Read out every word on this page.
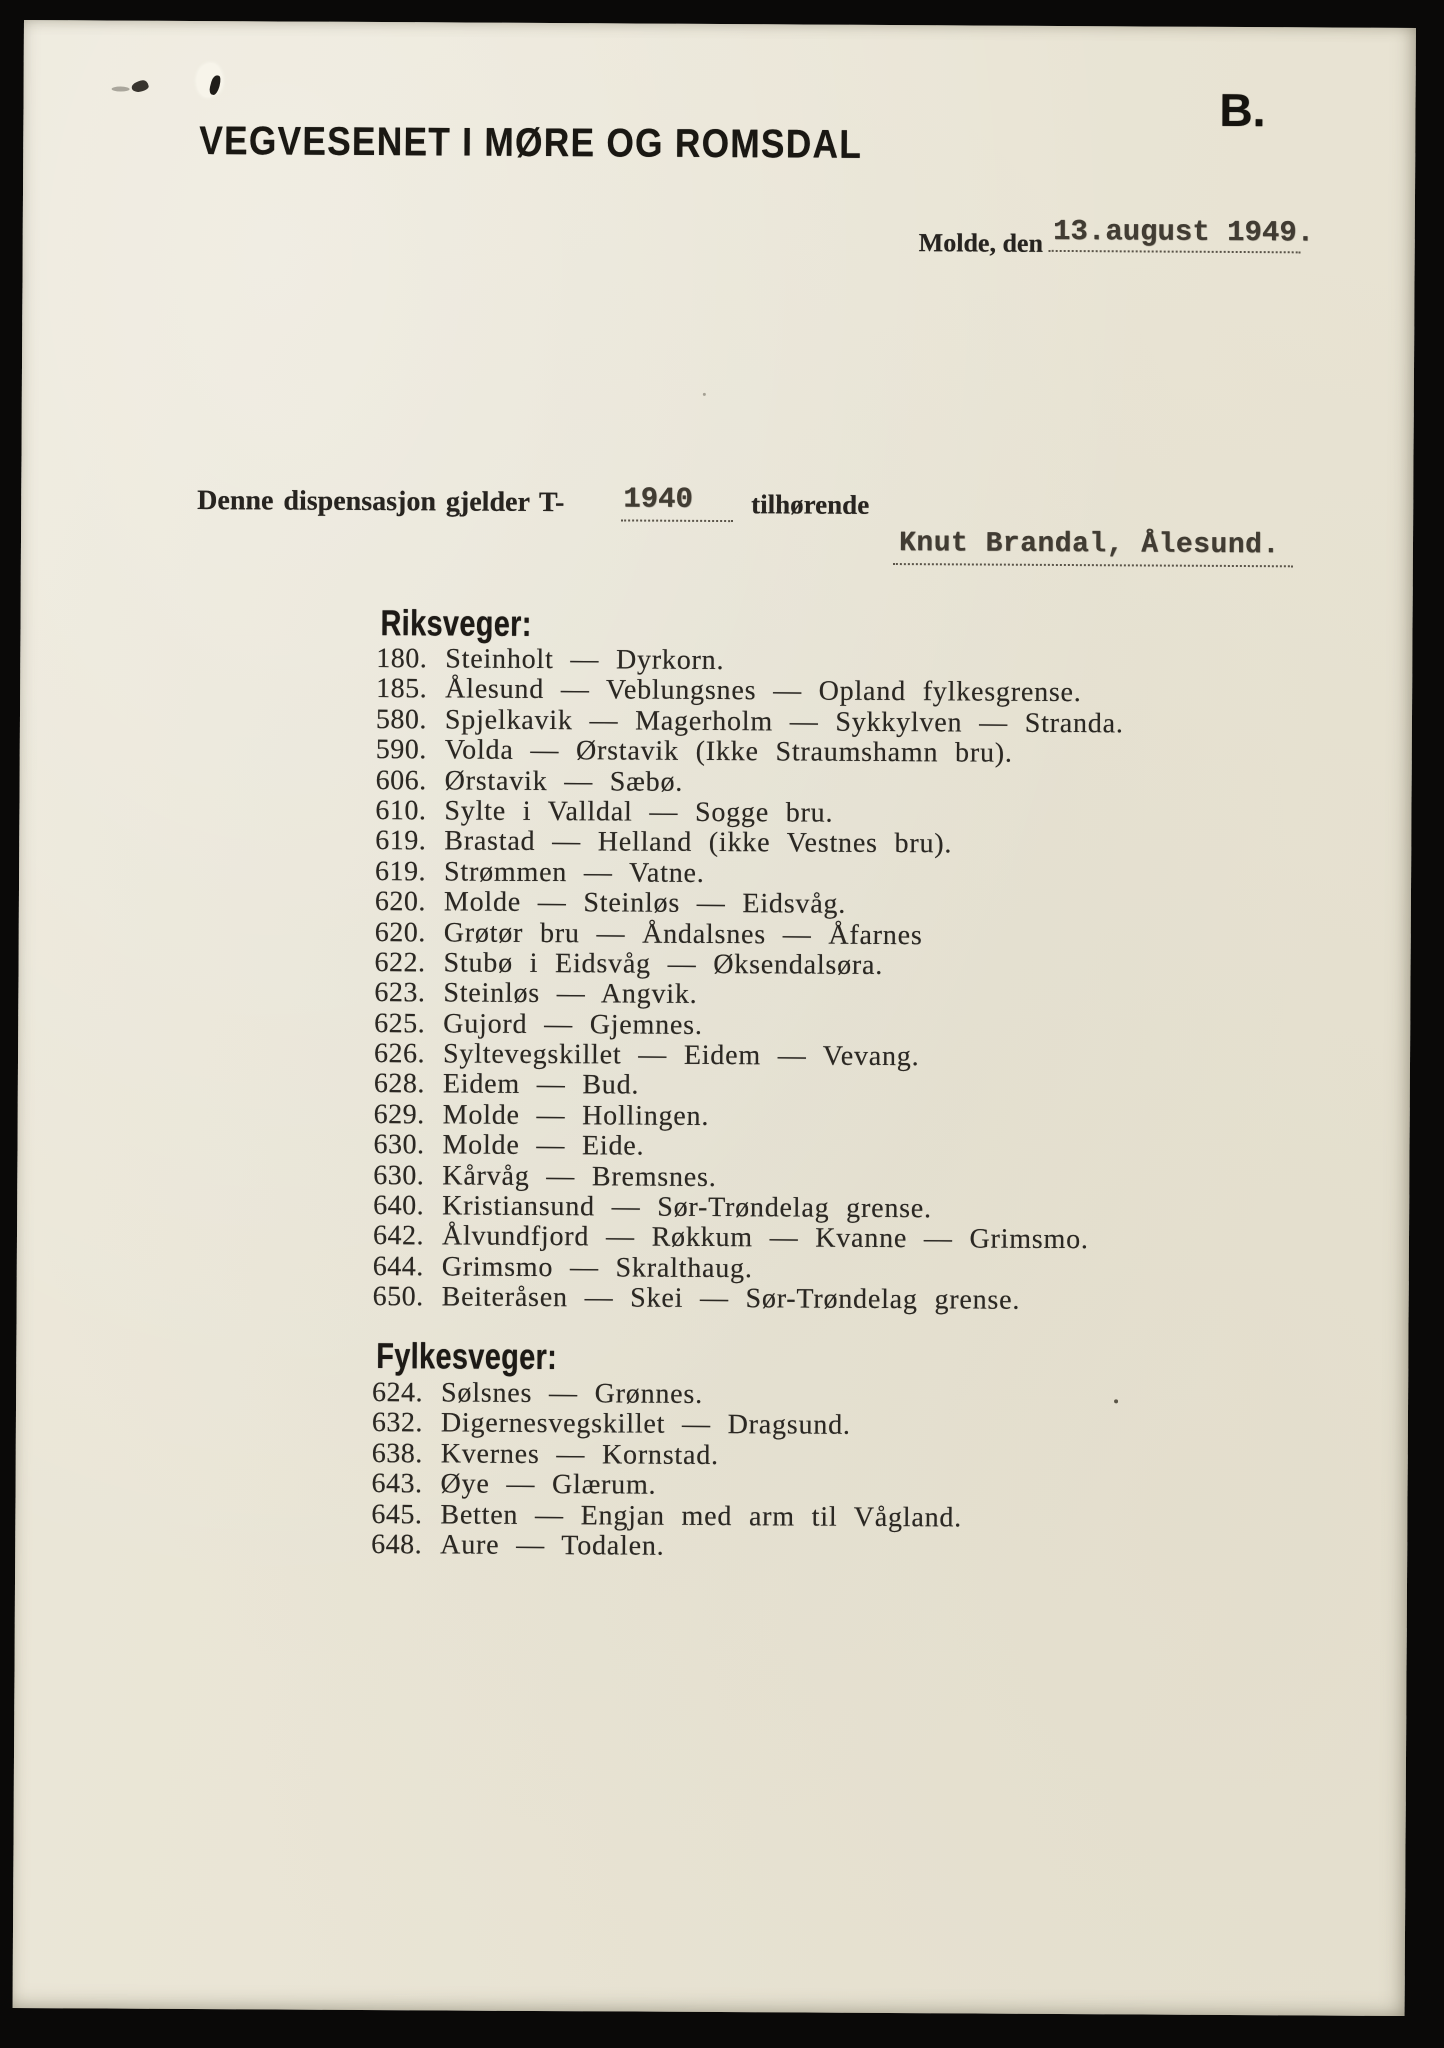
B.
VEGVESENET I MØRE OG ROMSDAL
Molde, den 13.august 1949.
Denne dispensasjon gjelder T- 1940 tilhørende
Knut Brandal, Ålesund.
Riksveger:
180. Steinholt — Dyrkorn.
185. Ålesund — Veblungsnes — Opland fylkesgrense.
580. Spjelkavik — Magerholm — Sykkylven — Stranda.
590. Volda — Ørstavik (Ikke Straumshamn bru).
606. Ørstavik — Sæbø.
610. Sylte i Valldal — Sogge bru.
619. Brastad — Helland (ikke Vestnes bru).
619. Strømmen — Vatne.
620. Molde — Steinløs — Eidsvåg.
620. Grøtør bru — Åndalsnes — Åfarnes
622. Stubø i Eidsvåg — Øksendalsøra.
623. Steinløs — Angvik.
625. Gujord — Gjemnes.
626. Syltevegskillet — Eidem — Vevang.
628. Eidem — Bud.
629. Molde — Hollingen.
630. Molde — Eide.
630. Kårvåg — Bremsnes.
640. Kristiansund — Sør-Trøndelag grense.
642. Ålvundfjord — Røkkum — Kvanne — Grimsmo.
644. Grimsmo — Skralthaug.
650. Beiteråsen — Skei — Sør-Trøndelag grense.
Fylkesveger:
624. Sølsnes — Grønnes.
632. Digernesvegskillet — Dragsund.
638. Kvernes — Kornstad.
643. Øye — Glærum.
645. Betten — Engjan med arm til Vågland.
648. Aure — Todalen.
